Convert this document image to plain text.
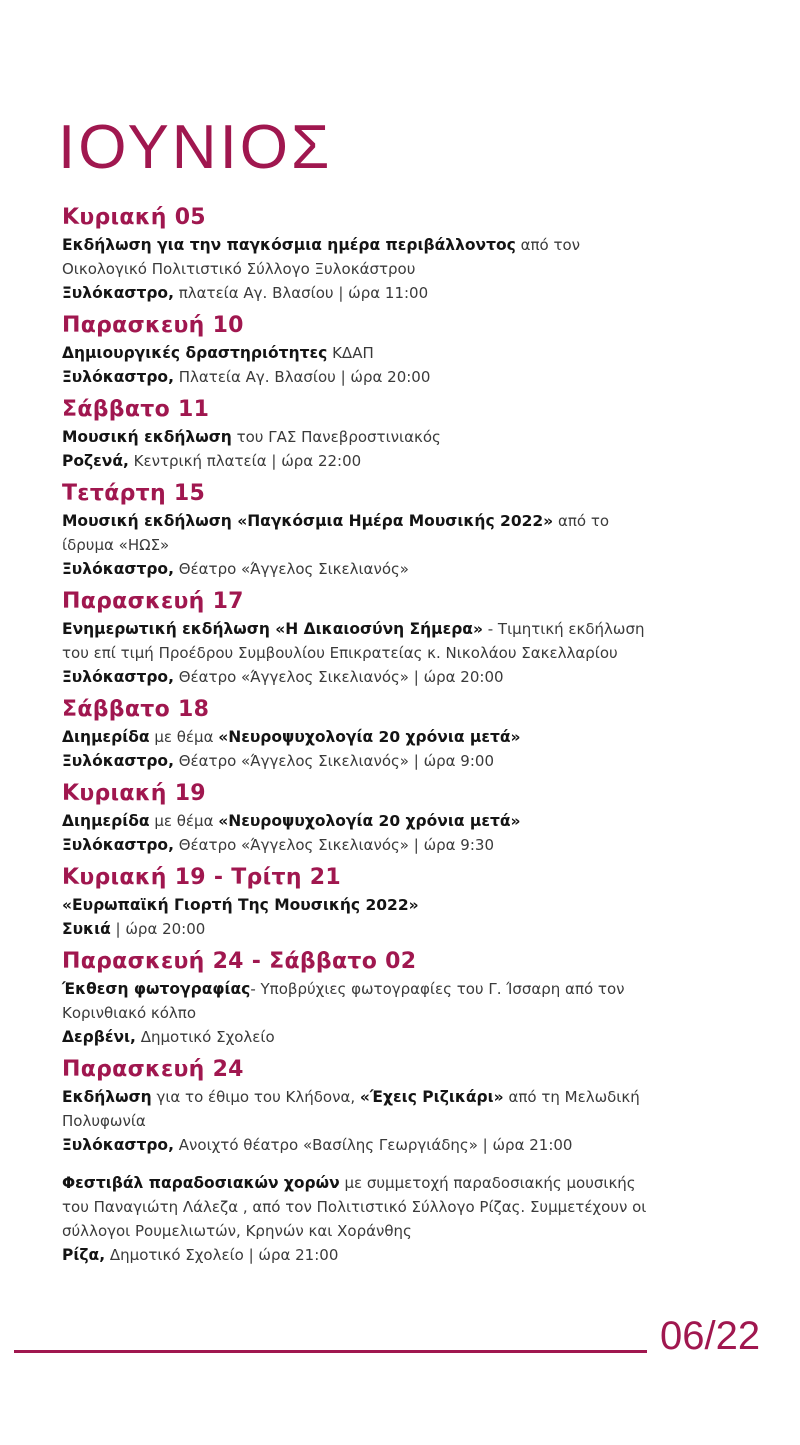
ΙΟΥΝΙΟΣ
Κυριακή 05
Εκδήλωση για την παγκόσμια ημέρα περιβάλλοντος από τον
Οικολογικό Πολιτιστικό Σύλλογο Ξυλοκάστρου
Ξυλόκαστρο, πλατεία Αγ. Βλασίου | ώρα 11:00
Παρασκευή 10
Δημιουργικές δραστηριότητες ΚΔΑΠ
Ξυλόκαστρο, Πλατεία Αγ. Βλασίου | ώρα 20:00
Σάββατο 11
Μουσική εκδήλωση του ΓΑΣ Πανεβροστινιακός
Ροζενά, Κεντρική πλατεία | ώρα 22:00
Τετάρτη 15
Μουσική εκδήλωση «Παγκόσμια Ημέρα Μουσικής 2022» από το
ίδρυμα «ΗΩΣ»
Ξυλόκαστρο, Θέατρο «Άγγελος Σικελιανός»
Παρασκευή 17
Ενημερωτική εκδήλωση «Η Δικαιοσύνη Σήμερα» - Τιμητική εκδήλωση
του επί τιμή Προέδρου Συμβουλίου Επικρατείας κ. Νικολάου Σακελλαρίου
Ξυλόκαστρο, Θέατρο «Άγγελος Σικελιανός» | ώρα 20:00
Σάββατο 18
Διημερίδα με θέμα «Νευροψυχολογία 20 χρόνια μετά»
Ξυλόκαστρο, Θέατρο «Άγγελος Σικελιανός» | ώρα 9:00
Κυριακή 19
Διημερίδα με θέμα «Νευροψυχολογία 20 χρόνια μετά»
Ξυλόκαστρο, Θέατρο «Άγγελος Σικελιανός» | ώρα 9:30
Κυριακή 19 - Τρίτη 21
«Ευρωπαϊκή Γιορτή Της Μουσικής 2022»
Συκιά | ώρα 20:00
Παρασκευή 24 - Σάββατο 02
Έκθεση φωτογραφίας- Υποβρύχιες φωτογραφίες του Γ. Ίσσαρη από τον
Κορινθιακό κόλπο
Δερβένι, Δημοτικό Σχολείο
Παρασκευή 24
Εκδήλωση για το έθιμο του Κλήδονα, «Έχεις Ριζικάρι» από τη Μελωδική
Πολυφωνία
Ξυλόκαστρο, Ανοιχτό θέατρο «Βασίλης Γεωργιάδης» | ώρα 21:00
Φεστιβάλ παραδοσιακών χορών με συμμετοχή παραδοσιακής μουσικής
του Παναγιώτη Λάλεζα , από τον Πολιτιστικό Σύλλογο Ρίζας. Συμμετέχουν οι
σύλλογοι Ρουμελιωτών, Κρηνών και Χοράνθης
Ρίζα, Δημοτικό Σχολείο | ώρα 21:00
06/22
